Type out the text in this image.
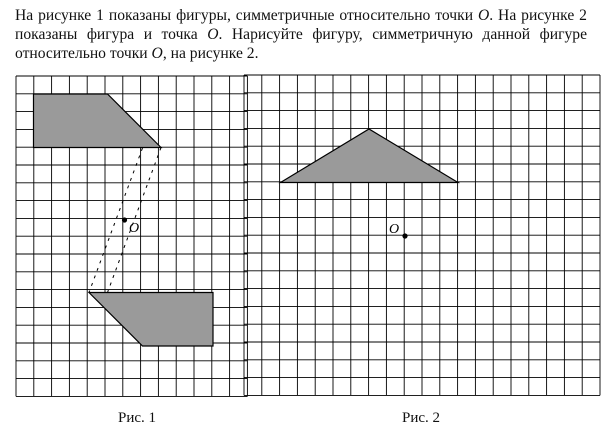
На рисунке 1 показаны фигуры, симметричные относительно точки O. На рисунке 2 показаны фигура и точка O. Нарисуйте фигуру, симметричную данной фигуре относительно точки O, на рисунке 2.

O	O
Рис. 1	Рис. 2
